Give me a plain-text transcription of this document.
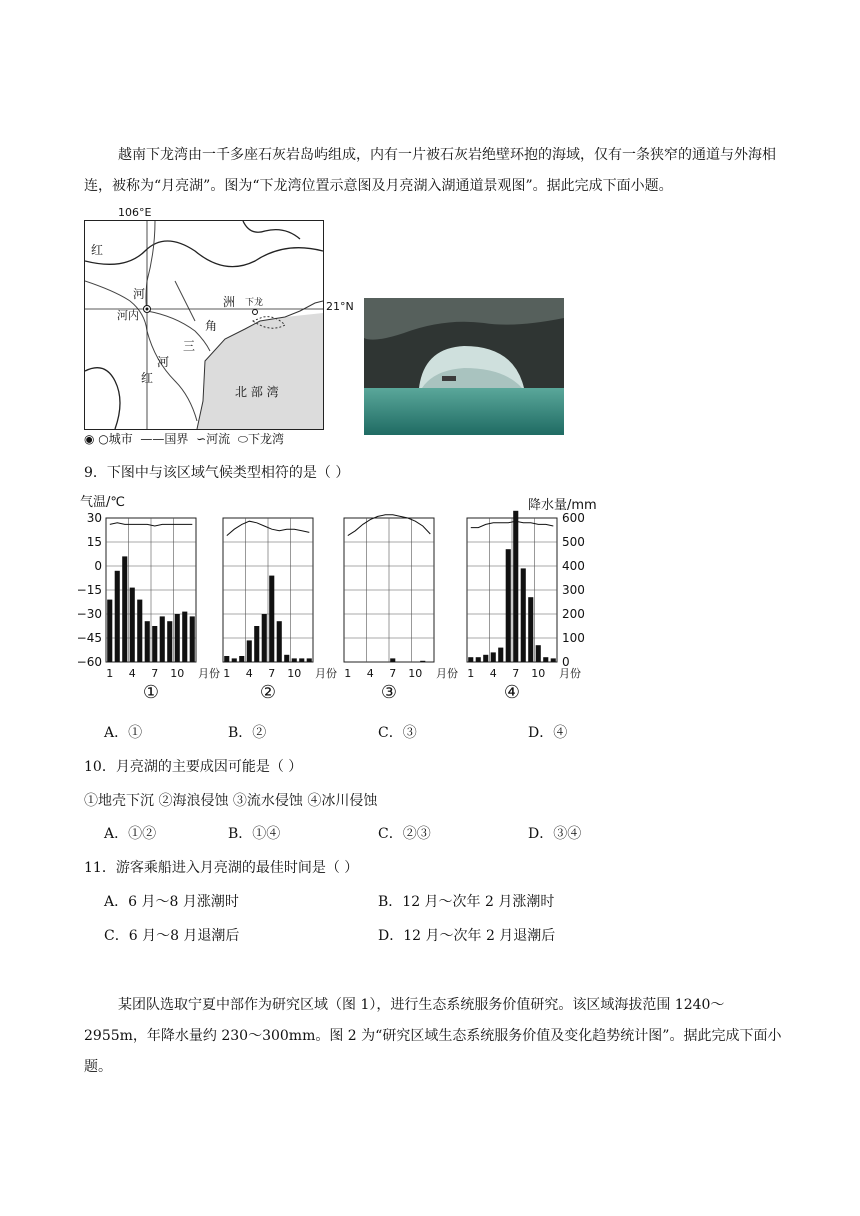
越南下龙湾由一千多座石灰岩岛屿组成，内有一片被石灰岩绝壁环抱的海域，仅有一条狭窄的通道与外海相连，被称为“月亮湖”。图为“下龙湾位置示意图及月亮湖入湖通道景观图”。据此完成下面小题。
106°E
红
河
河内
洲 下龙
角
三
河
红
北 部 湾
21°N
◉ ○城市 ——国界 ∽河流 ⬭下龙湾
9．下图中与该区域气候类型相符的是（ ）
气温/℃	降水量/mm
30
15
0
−15
−30
−45
−60
600
500
400
300
200
100
0
1 4 7 10 月份
①
1 4 7 10 月份
②
1 4 7 10 月份
③
1 4 7 10 月份
④
A．①	B．②	C．③	D．④
10．月亮湖的主要成因可能是（ ）
①地壳下沉 ②海浪侵蚀 ③流水侵蚀 ④冰川侵蚀
A．①②	B．①④	C．②③	D．③④
11．游客乘船进入月亮湖的最佳时间是（ ）
A．6 月～8 月涨潮时	B．12 月～次年 2 月涨潮时
C．6 月～8 月退潮后	D．12 月～次年 2 月退潮后
某团队选取宁夏中部作为研究区域（图 1），进行生态系统服务价值研究。该区域海拔范围 1240～2955m，年降水量约 230～300mm。图 2 为“研究区域生态系统服务价值及变化趋势统计图”。据此完成下面小题。
